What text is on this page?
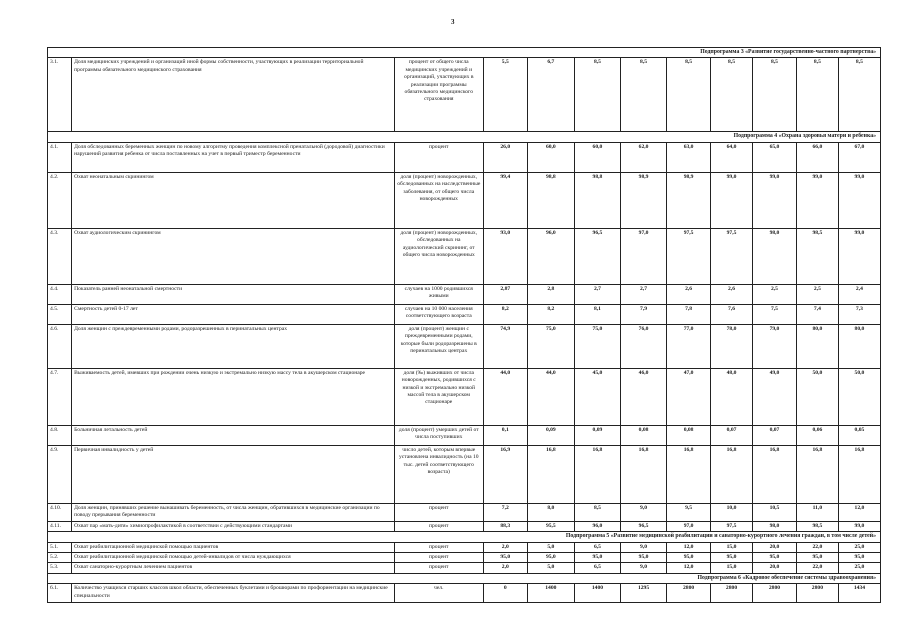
3
Подпрограмма 3 «Развитие государственно-частного партнерства»											
3.1.	Доля медицинских учреждений и организаций иной формы собственности, участвующих в реализации территориальной программы обязательного медицинского страхования	процент от общего числа медицинских учреждений и организаций, участвующих в реализации программы обязательного медицинского страхования	5,5	6,7	8,5	8,5	8,5	8,5	8,5	8,5	8,5
Подпрограмма 4 «Охрана здоровья матери и ребенка»											
4.1.	Доля обследованных беременных женщин по новому алгоритму проведения комплексной пренатальной (дородовой) диагностики нарушений развития ребенка от числа поставленных на учет в первый триместр беременности	процент	26,0	60,0	60,0	62,0	63,0	64,0	65,0	66,0	67,0
4.2.	Охват неонатальным скринингом	доля (процент) новорожденных, обследованных на наследственные заболевания, от общего числа новорожденных	99,4	98,8	98,8	98,9	98,9	99,0	99,0	99,0	99,0
4.3.	Охват аудиологическим скринингом	доля (процент) новорожденных, обследованных на аудиологический скрининг, от общего числа новорожденных	93,0	96,0	96,5	97,0	97,5	97,5	98,0	98,5	99,0
4.4.	Показатель ранней неонатальной смертности	случаев на 1000 родившихся живыми	2,87	2,8	2,7	2,7	2,6	2,6	2,5	2,5	2,4
4.5.	Смертность детей 0-17 лет	случаев на 10 000 населения соответствующего возраста	8,2	8,2	8,1	7,9	7,8	7,6	7,5	7,4	7,3
4.6.	Доля женщин с преждевременными родами, родоразрешенных в перинатальных центрах	доля (процент) женщин с преждевременными родами, которые были родоразрешены в перинатальных центрах	74,9	75,0	75,0	76,0	77,0	78,0	79,0	80,0	80,0
4.7.	Выживаемость детей, имевших при рождении очень низкую и экстремально низкую массу тела в акушерском стационаре	доля (‰) выживших от числа новорожденных, родившихся с низкой и экстремально низкой массой тела в акушерском стационаре	44,0	44,0	45,0	46,0	47,0	48,0	49,0	50,0	50,0
4.8.	Больничная летальность детей	доля (процент) умерших детей от числа поступивших	0,1	0,09	0,09	0,08	0,08	0,07	0,07	0,06	0,05
4.9.	Первичная инвалидность у детей	число детей, которым впервые установлена инвалидность (на 10 тыс. детей соответствующего возраста)	16,9	16,8	16,8	16,8	16,8	16,8	16,8	16,8	16,8
4.10.	Доля женщин, принявших решение вынашивать беременность, от числа женщин, обратившихся в медицинские организации по поводу прерывания беременности	процент	7,2	8,0	8,5	9,0	9,5	10,0	10,5	11,0	12,0
4.11.	Охват пар «мать-дитя» химиопрофилактикой в соответствии с действующими стандартами	процент	88,3	95,5	96,0	96,5	97,0	97,5	98,0	98,5	99,0
Подпрограмма 5 «Развитие медицинской реабилитации и санаторно-курортного лечения граждан, в том числе детей»											
5.1.	Охват реабилитационной медицинской помощью пациентов	процент	2,0	5,0	6,5	9,0	12,0	15,0	20,0	22,0	25,0
5.2.	Охват реабилитационной медицинской помощью детей-инвалидов от числа нуждающихся	процент	95,0	95,0	95,0	95,0	95,0	95,0	95,0	95,0	95,0
5.3.	Охват санаторно-курортным лечением пациентов	процент	2,0	5,0	6,5	9,0	12,0	15,0	20,0	22,0	25,0
Подпрограмма 6 «Кадровое обеспечение системы здравоохранения»											
6.1.	Количество учащихся старших классов школ области, обеспеченных буклетами и брошюрами по профориентации на медицинские специальности	чел.	0	1400	1400	1295	2800	2800	2800	2800	1434
